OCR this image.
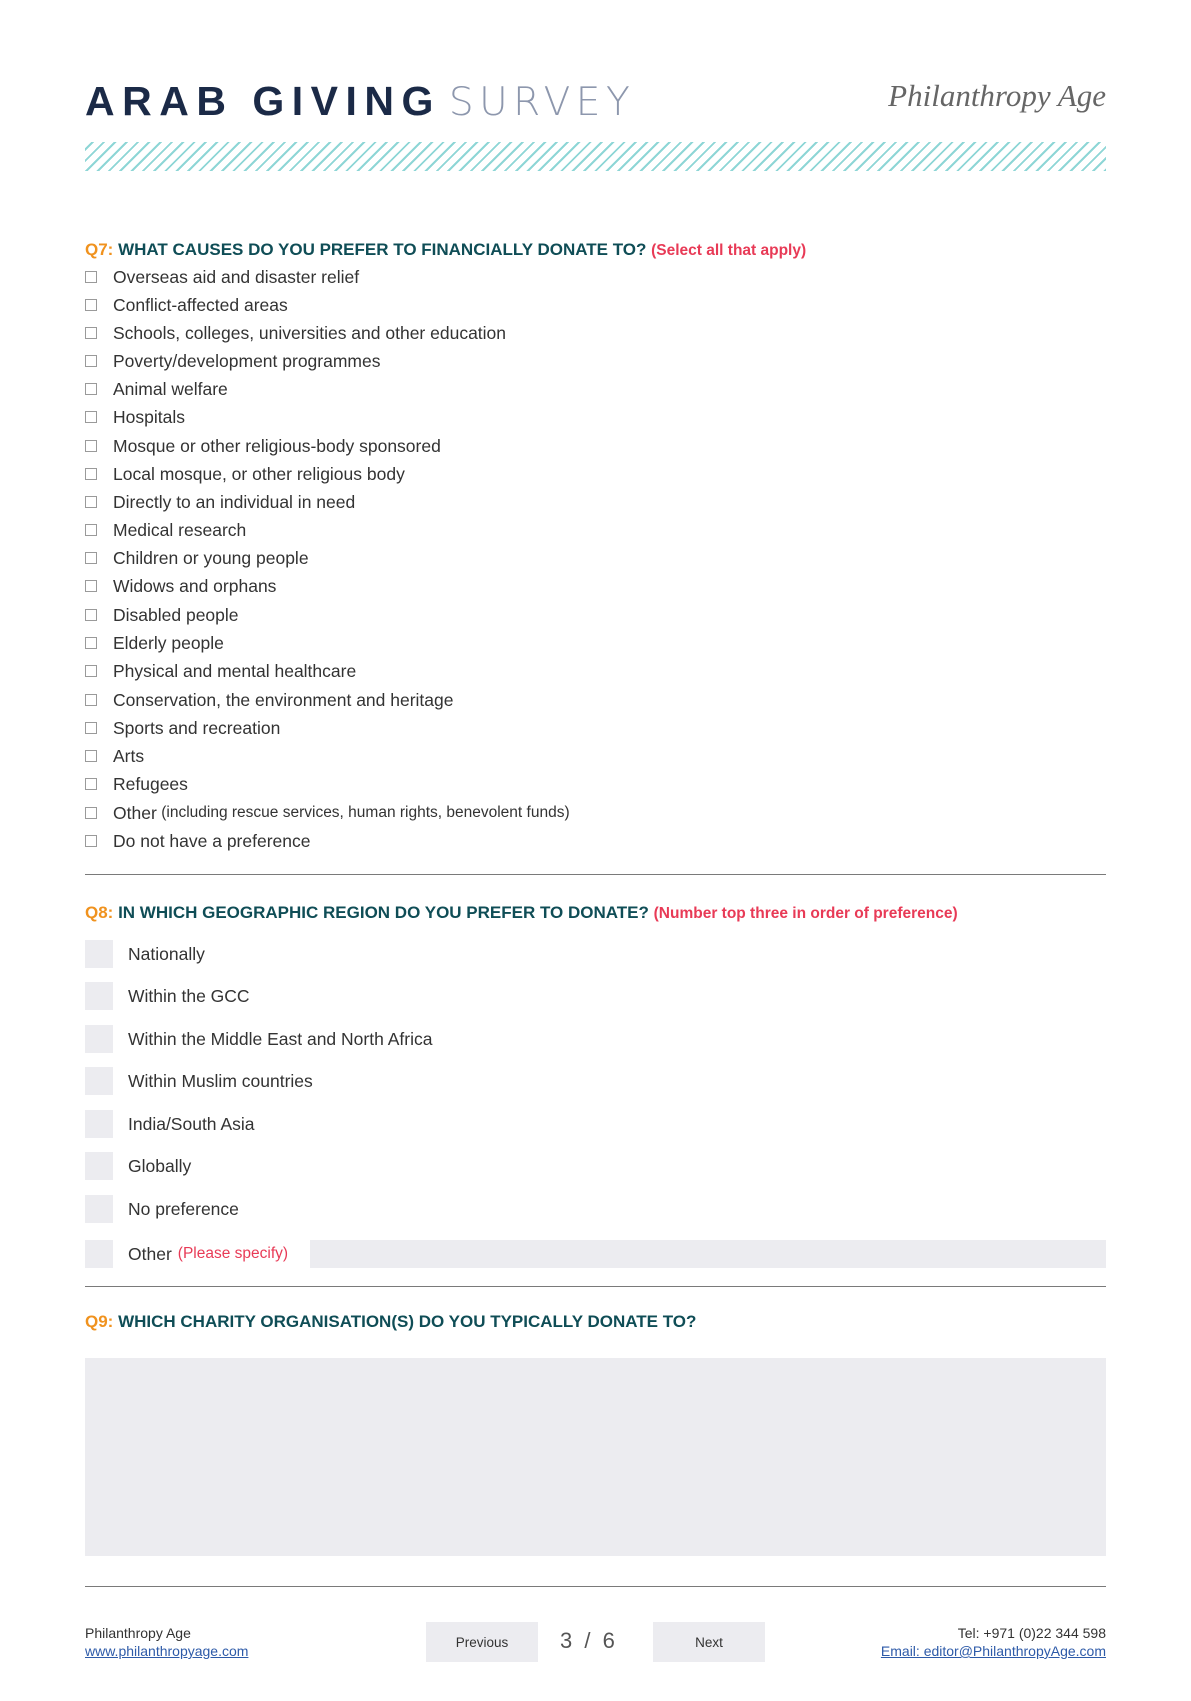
ARAB GIVING SURVEY	Philanthropy Age
Q7: WHAT CAUSES DO YOU PREFER TO FINANCIALLY DONATE TO? (Select all that apply)
Overseas aid and disaster relief
Conflict-affected areas
Schools, colleges, universities and other education
Poverty/development programmes
Animal welfare
Hospitals
Mosque or other religious-body sponsored
Local mosque, or other religious body
Directly to an individual in need
Medical research
Children or young people
Widows and orphans
Disabled people
Elderly people
Physical and mental healthcare
Conservation, the environment and heritage
Sports and recreation
Arts
Refugees
Other
(including rescue services, human rights, benevolent funds)
Do not have a preference
Q8: IN WHICH GEOGRAPHIC REGION DO YOU PREFER TO DONATE? (Number top three in order of preference)
Nationally
Within the GCC
Within the Middle East and North Africa
Within Muslim countries
India/South Asia
Globally
No preference
Other (Please specify)
Q9: WHICH CHARITY ORGANISATION(S) DO YOU TYPICALLY DONATE TO?
Philanthropy Age
www.philanthropyage.com
Previous	3 / 6	Next
Tel: +971 (0)22 344 598
Email: editor@PhilanthropyAge.com
